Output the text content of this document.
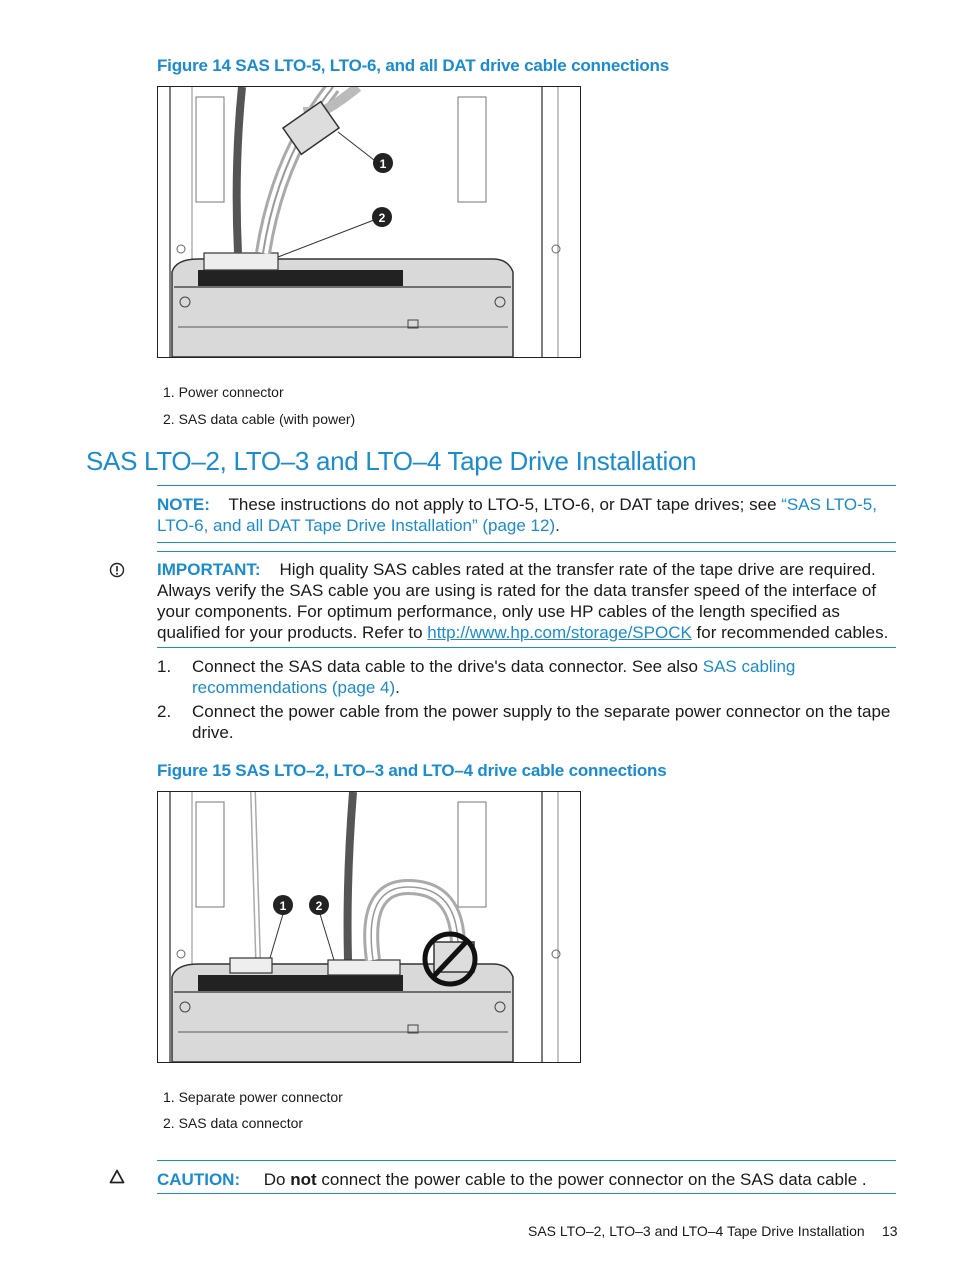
Figure 14 SAS LTO-5, LTO-6, and all DAT drive cable connections
1
2
1. Power connector
2. SAS data cable (with power)
SAS LTO–2, LTO–3 and LTO–4 Tape Drive Installation
NOTE: These instructions do not apply to LTO-5, LTO-6, or DAT tape drives; see “SAS LTO-5, LTO-6, and all DAT Tape Drive Installation” (page 12).
IMPORTANT: High quality SAS cables rated at the transfer rate of the tape drive are required. Always verify the SAS cable you are using is rated for the data transfer speed of the interface of your components. For optimum performance, only use HP cables of the length specified as qualified for your products. Refer to http://www.hp.com/storage/SPOCK for recommended cables.
1. Connect the SAS data cable to the drive's data connector. See also SAS cabling recommendations (page 4).
2. Connect the power cable from the power supply to the separate power connector on the tape drive.
Figure 15 SAS LTO–2, LTO–3 and LTO–4 drive cable connections
1 2
1. Separate power connector
2. SAS data connector
CAUTION: Do not connect the power cable to the power connector on the SAS data cable .
SAS LTO–2, LTO–3 and LTO–4 Tape Drive Installation 13
